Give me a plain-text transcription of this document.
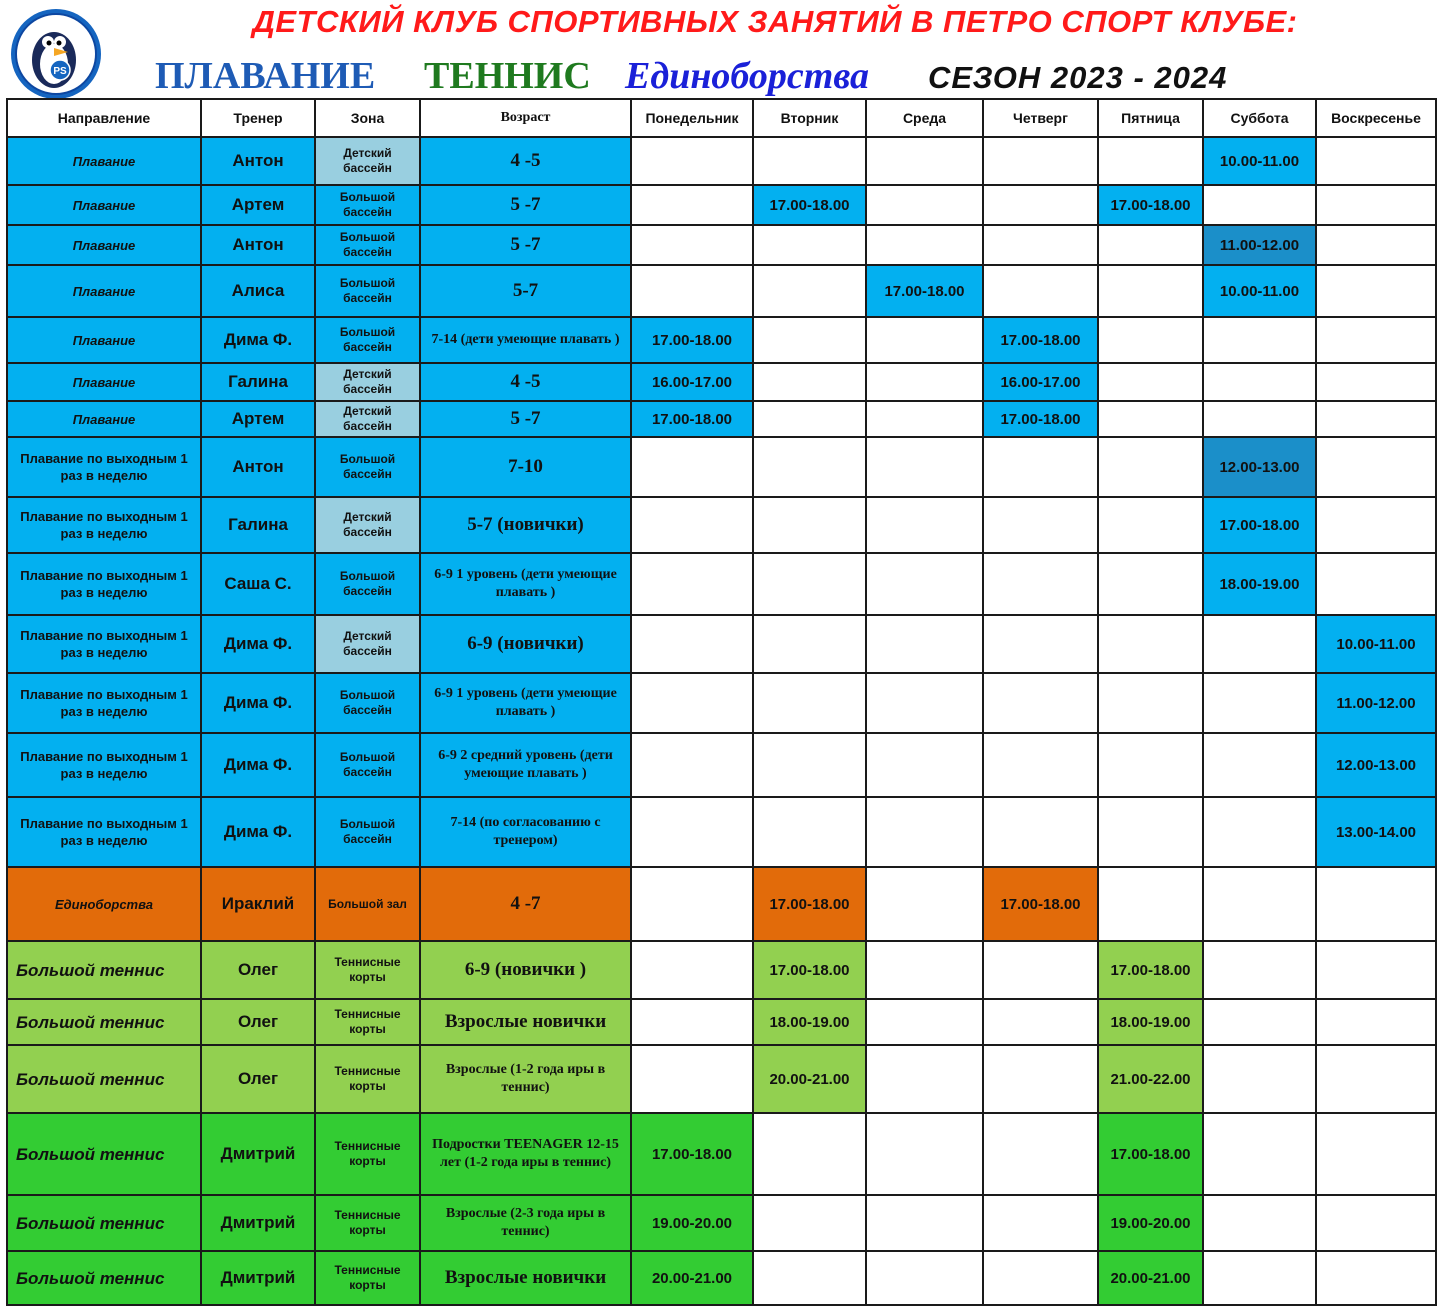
PS
ДЕТСКИЙ КЛУБ СПОРТИВНЫХ ЗАНЯТИЙ В ПЕТРО СПОРТ КЛУБЕ:
ПЛАВАНИЕ ТЕННИС Единоборства СЕЗОН 2023 - 2024
Направление	Тренер	Зона	Возраст	Понедельник	Вторник	Среда	Четверг	Пятница	Суббота	Воскресенье
Плавание	Антон	Детский бассейн	4 -5						10.00-11.00	
Плавание	Артем	Большой бассейн	5 -7		17.00-18.00			17.00-18.00		
Плавание	Антон	Большой бассейн	5 -7						11.00-12.00	
Плавание	Алиса	Большой бассейн	5-7			17.00-18.00			10.00-11.00	
Плавание	Дима Ф.	Большой бассейн	7-14 (дети умеющие плавать )	17.00-18.00			17.00-18.00			
Плавание	Галина	Детский бассейн	4 -5	16.00-17.00			16.00-17.00			
Плавание	Артем	Детский бассейн	5 -7	17.00-18.00			17.00-18.00			
Плавание по выходным 1 раз в неделю	Антон	Большой бассейн	7-10						12.00-13.00	
Плавание по выходным 1 раз в неделю	Галина	Детский бассейн	5-7 (новички)						17.00-18.00	
Плавание по выходным 1 раз в неделю	Саша С.	Большой бассейн	6-9 1 уровень (дети умеющие плавать )						18.00-19.00	
Плавание по выходным 1 раз в неделю	Дима Ф.	Детский бассейн	6-9 (новички)							10.00-11.00
Плавание по выходным 1 раз в неделю	Дима Ф.	Большой бассейн	6-9 1 уровень (дети умеющие плавать )							11.00-12.00
Плавание по выходным 1 раз в неделю	Дима Ф.	Большой бассейн	6-9 2 средний уровень (дети умеющие плавать )							12.00-13.00
Плавание по выходным 1 раз в неделю	Дима Ф.	Большой бассейн	7-14 (по согласованию с тренером)							13.00-14.00
Единоборства	Ираклий	Большой зал	4 -7		17.00-18.00		17.00-18.00			
Большой теннис	Олег	Теннисные корты	6-9 (новички )		17.00-18.00			17.00-18.00		
Большой теннис	Олег	Теннисные корты	Взрослые новички		18.00-19.00			18.00-19.00		
Большой теннис	Олег	Теннисные корты	Взрослые (1-2 года иры в теннис)		20.00-21.00			21.00-22.00		
Большой теннис	Дмитрий	Теннисные корты	Подростки TEENAGER 12-15 лет (1-2 года иры в теннис)	17.00-18.00				17.00-18.00		
Большой теннис	Дмитрий	Теннисные корты	Взрослые (2-3 года иры в теннис)	19.00-20.00				19.00-20.00		
Большой теннис	Дмитрий	Теннисные корты	Взрослые новички	20.00-21.00				20.00-21.00		
